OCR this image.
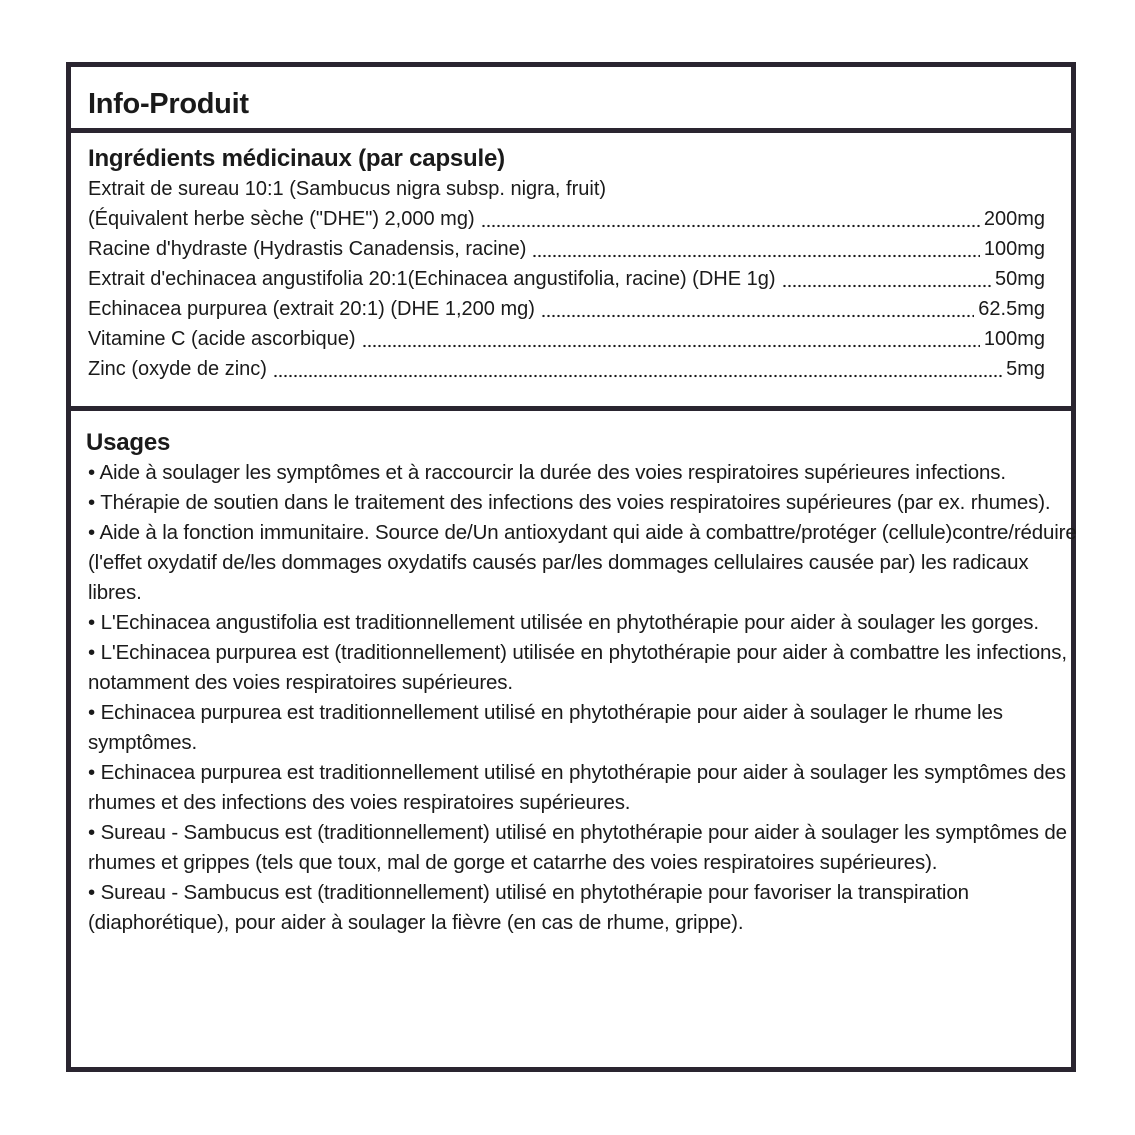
Info-Produit
Ingrédients médicinaux (par capsule)
Extrait de sureau 10:1 (Sambucus nigra subsp. nigra, fruit)
(Équivalent herbe sèche ("DHE") 2,000 mg)	200mg
Racine d'hydraste (Hydrastis Canadensis, racine)	100mg
Extrait d'echinacea angustifolia 20:1(Echinacea angustifolia, racine) (DHE 1g)	50mg
Echinacea purpurea (extrait 20:1) (DHE 1,200 mg)	62.5mg
Vitamine C (acide ascorbique)	100mg
Zinc (oxyde de zinc)	5mg
Usages
• Aide à soulager les symptômes et à raccourcir la durée des voies respiratoires supérieures infections.
• Thérapie de soutien dans le traitement des infections des voies respiratoires supérieures (par ex. rhumes).
• Aide à la fonction immunitaire. Source de/Un antioxydant qui aide à combattre/protéger (cellule)contre/réduire (l'effet oxydatif de/les dommages oxydatifs causés par/les dommages cellulaires causée par) les radicaux libres.
• L'Echinacea angustifolia est traditionnellement utilisée en phytothérapie pour aider à soulager les gorges.
• L'Echinacea purpurea est (traditionnellement) utilisée en phytothérapie pour aider à combattre les infections, notamment des voies respiratoires supérieures.
• Echinacea purpurea est traditionnellement utilisé en phytothérapie pour aider à soulager le rhume les symptômes.
• Echinacea purpurea est traditionnellement utilisé en phytothérapie pour aider à soulager les symptômes des rhumes et des infections des voies respiratoires supérieures.
• Sureau - Sambucus est (traditionnellement) utilisé en phytothérapie pour aider à soulager les symptômes de rhumes et grippes (tels que toux, mal de gorge et catarrhe des voies respiratoires supérieures).
• Sureau - Sambucus est (traditionnellement) utilisé en phytothérapie pour favoriser la transpiration (diaphorétique), pour aider à soulager la fièvre (en cas de rhume, grippe).
